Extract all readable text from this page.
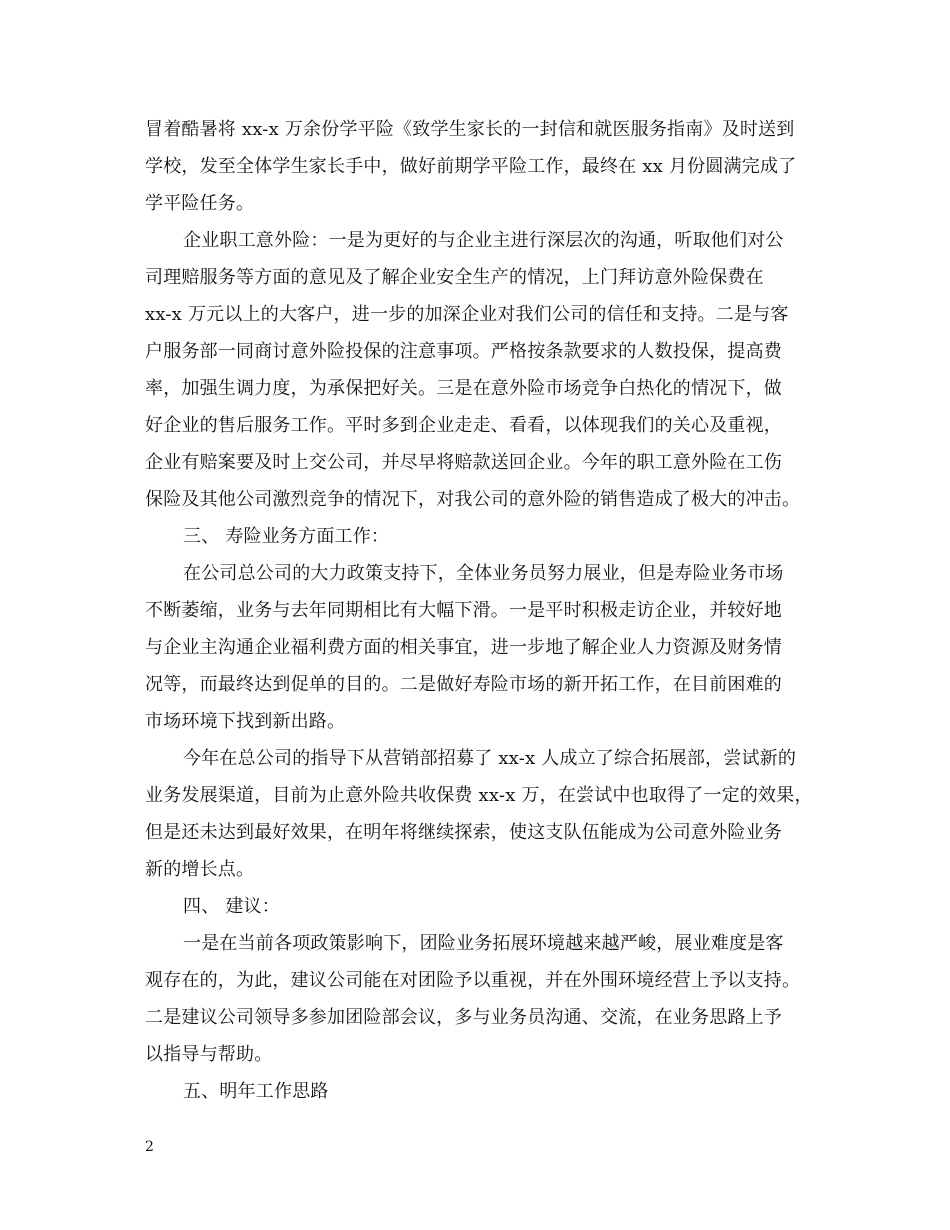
冒着酷暑将 xx-x 万余份学平险《致学生家长的一封信和就医服务指南》及时送到
学校，发至全体学生家长手中，做好前期学平险工作，最终在 xx 月份圆满完成了
学平险任务。
企业职工意外险：一是为更好的与企业主进行深层次的沟通，听取他们对公
司理赔服务等方面的意见及了解企业安全生产的情况，上门拜访意外险保费在
xx-x 万元以上的大客户，进一步的加深企业对我们公司的信任和支持。二是与客
户服务部一同商讨意外险投保的注意事项。严格按条款要求的人数投保，提高费
率，加强生调力度，为承保把好关。三是在意外险市场竞争白热化的情况下，做
好企业的售后服务工作。平时多到企业走走、看看，以体现我们的关心及重视，
企业有赔案要及时上交公司，并尽早将赔款送回企业。今年的职工意外险在工伤
保险及其他公司激烈竞争的情况下，对我公司的意外险的销售造成了极大的冲击。
三、 寿险业务方面工作：
在公司总公司的大力政策支持下，全体业务员努力展业，但是寿险业务市场
不断萎缩，业务与去年同期相比有大幅下滑。一是平时积极走访企业，并较好地
与企业主沟通企业福利费方面的相关事宜，进一步地了解企业人力资源及财务情
况等，而最终达到促单的目的。二是做好寿险市场的新开拓工作，在目前困难的
市场环境下找到新出路。
今年在总公司的指导下从营销部招募了 xx-x 人成立了综合拓展部，尝试新的
业务发展渠道，目前为止意外险共收保费 xx-x 万，在尝试中也取得了一定的效果，
但是还未达到最好效果，在明年将继续探索，使这支队伍能成为公司意外险业务
新的增长点。
四、 建议：
一是在当前各项政策影响下，团险业务拓展环境越来越严峻，展业难度是客
观存在的，为此，建议公司能在对团险予以重视，并在外围环境经营上予以支持。
二是建议公司领导多参加团险部会议，多与业务员沟通、交流，在业务思路上予
以指导与帮助。
五、明年工作思路
2
